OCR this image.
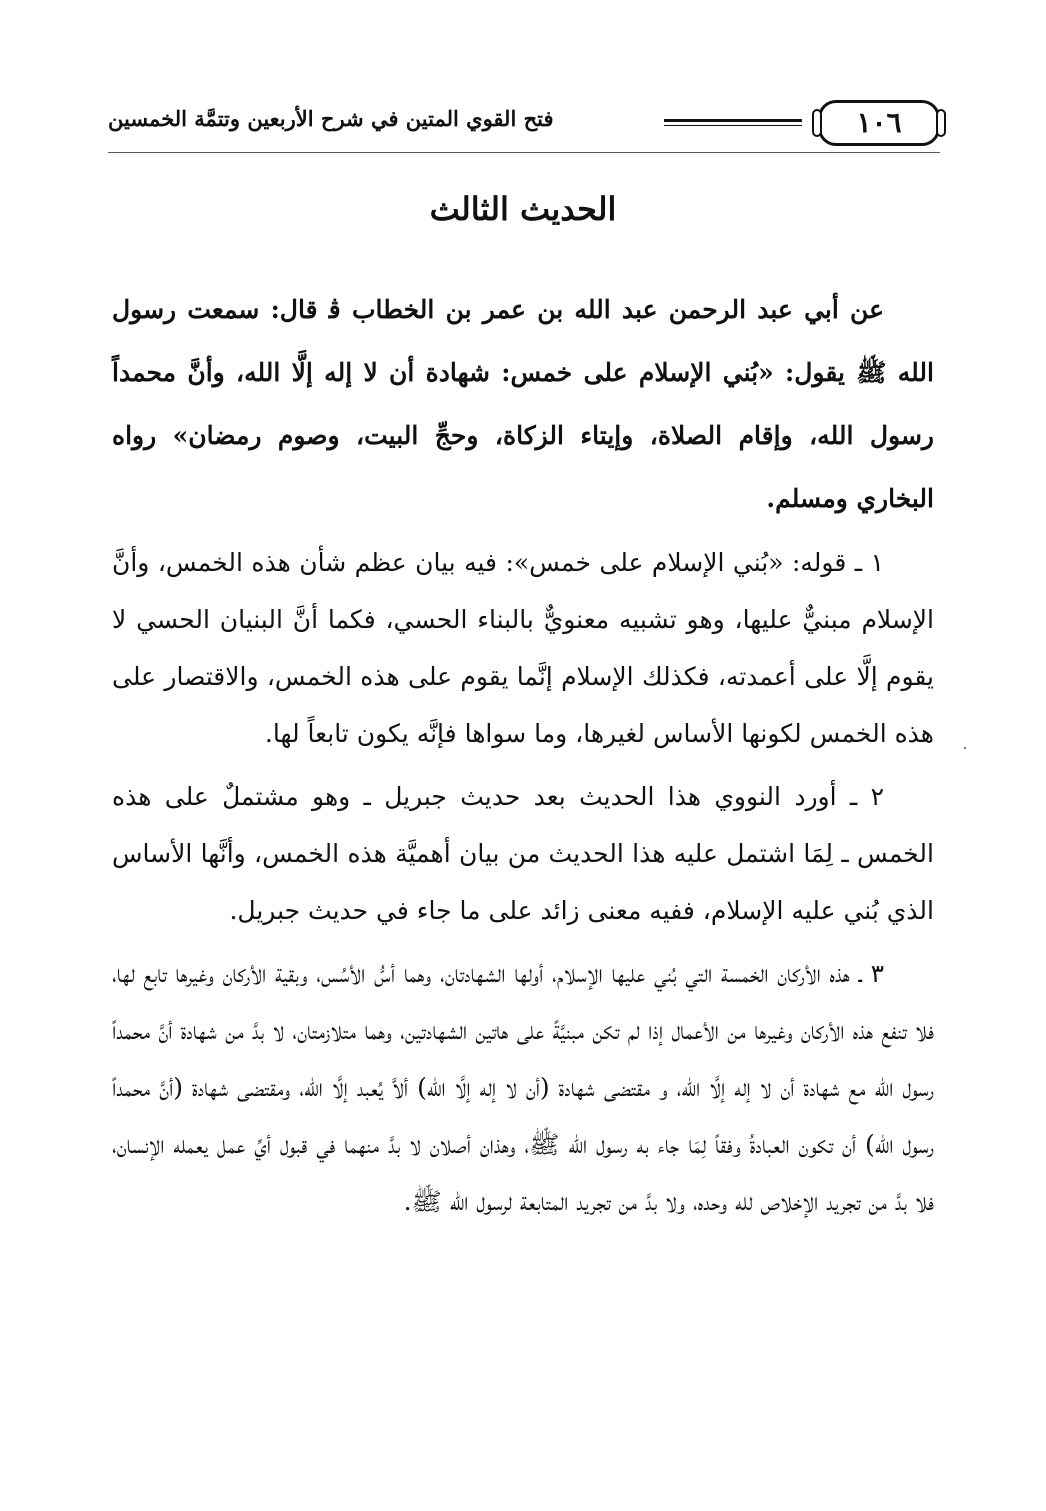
١٠٦
فتح القوي المتين في شرح الأربعين وتتمَّة الخمسين
الحديث الثالث

عن أبي عبد الرحمن عبد الله بن عمر بن الخطاب ﭬ قال: سمعت رسول الله ﷺ يقول: «بُني الإسلام على خمس: شهادة أن لا إله إلَّا الله، وأنَّ محمداً رسول الله، وإقام الصلاة، وإيتاء الزكاة، وحجِّ البيت، وصوم رمضان» رواه البخاري ومسلم.

١ ـ قوله: «بُني الإسلام على خمس»: فيه بيان عظم شأن هذه الخمس، وأنَّ الإسلام مبنيٌّ عليها، وهو تشبيه معنويٌّ بالبناء الحسي، فكما أنَّ البنيان الحسي لا يقوم إلَّا على أعمدته، فكذلك الإسلام إنَّما يقوم على هذه الخمس، والاقتصار على هذه الخمس لكونها الأساس لغيرها، وما سواها فإنَّه يكون تابعاً لها.

٢ ـ أورد النووي هذا الحديث بعد حديث جبريل ـ وهو مشتملٌ على هذه الخمس ـ لِمَا اشتمل عليه هذا الحديث من بيان أهميَّة هذه الخمس، وأنَّها الأساس الذي بُني عليه الإسلام، ففيه معنى زائد على ما جاء في حديث جبريل.

٣ ـ هذه الأركان الخمسة التي بُني عليها الإسلام، أولها الشهادتان، وهما أسُّ الأسُس، وبقية الأركان وغيرها تابع لها، فلا تنفع هذه الأركان وغيرها من الأعمال إذا لم تكن مبنيَّةً على هاتين الشهادتين، وهما متلازمتان، لا بدَّ من شهادة أنَّ محمداً رسول الله مع شهادة أن لا إله إلَّا الله، و مقتضى شهادة (أن لا إله إلَّا الله) ألاَّ يُعبد إلَّا الله، ومقتضى شهادة (أنَّ محمداً رسول الله) أن تكون العبادةُ وفقاً لِمَا جاء به رسول الله ﷺ، وهذان أصلان لا بدَّ منهما في قبول أيِّ عمل يعمله الإنسان، فلا بدَّ من تجريد الإخلاص لله وحده، ولا بدَّ من تجريد المتابعة لرسول الله ﷺ.
